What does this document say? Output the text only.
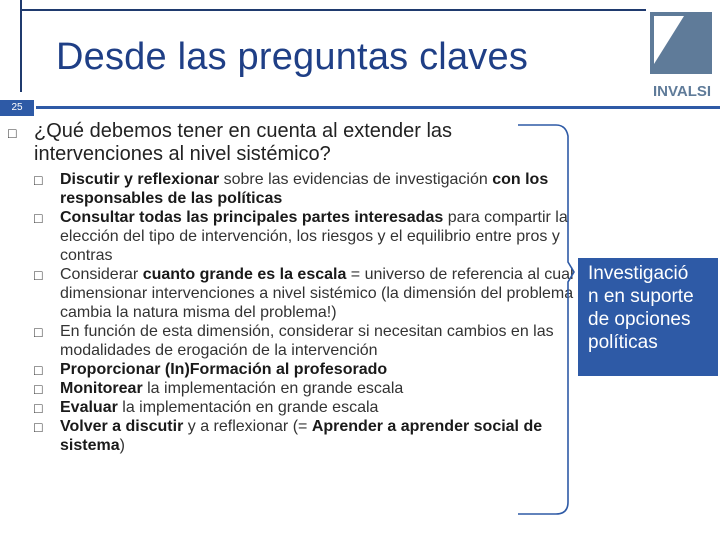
Desde las preguntas claves
INVALSI
25
□ ¿Qué debemos tener en cuenta al extender las intervenciones al nivel sistémico?
□ Discutir y reflexionar sobre las evidencias de investigación con los responsables de las políticas
□ Consultar todas las principales partes interesadas para compartir la elección del tipo de intervención, los riesgos y el equilibrio entre pros y contras
□ Considerar cuanto grande es la escala = universo de referencia al cual dimensionar intervenciones a nivel sistémico (la dimensión del problema cambia la natura misma del problema!)
□ En función de esta dimensión, considerar si necesitan cambios en las modalidades de erogación de la intervención
□ Proporcionar (In)Formación al profesorado
□ Monitorear la implementación en grande escala
□ Evaluar la implementación en grande escala
□ Volver a discutir y a reflexionar (= Aprender a aprender social de sistema)
Investigació
n en suporte
de opciones
políticas
